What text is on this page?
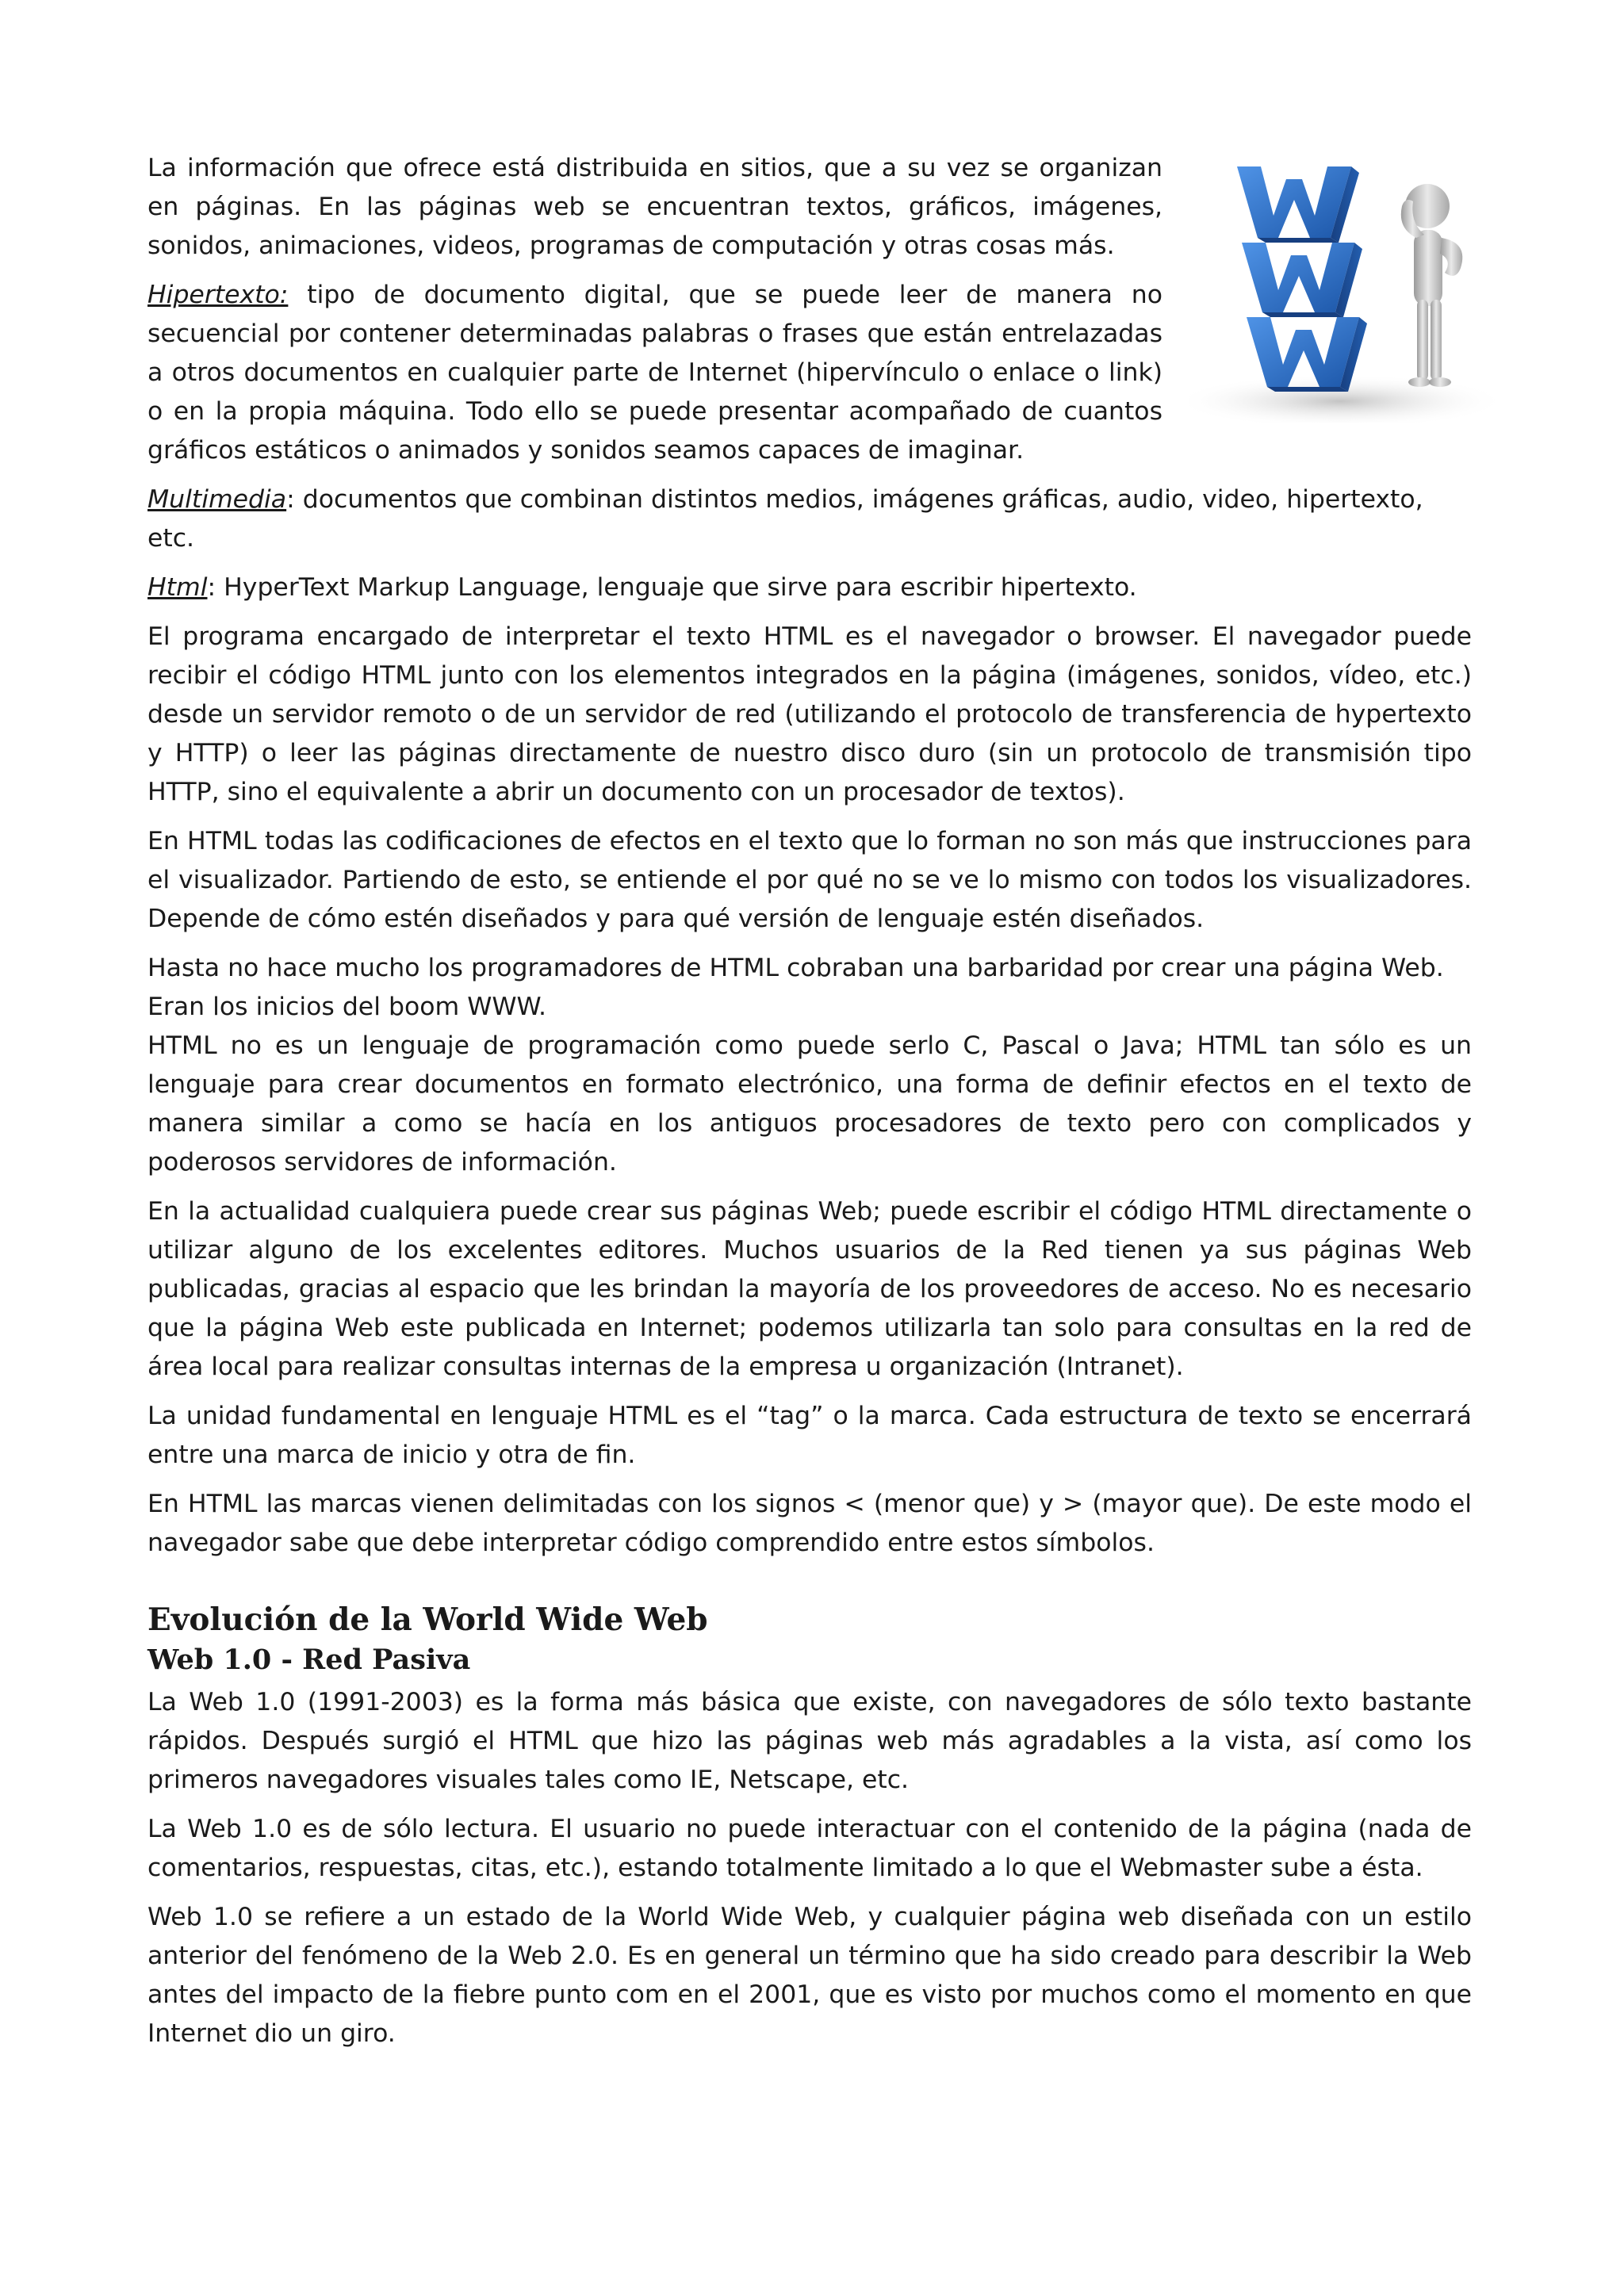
La información que ofrece está distribuida en sitios, que a su vez se organizan en páginas. En las páginas web se encuentran textos, gráficos, imágenes, sonidos, animaciones, videos, programas de computación y otras cosas más.

Hipertexto: tipo de documento digital, que se puede leer de manera no secuencial por contener determinadas palabras o frases que están entrelazadas a otros documentos en cualquier parte de Internet (hipervínculo o enlace o link) o en la propia máquina. Todo ello se puede presentar acompañado de cuantos gráficos estáticos o animados y sonidos seamos capaces de imaginar.

Multimedia: documentos que combinan distintos medios, imágenes gráficas, audio, video, hipertexto, etc.

Html: HyperText Markup Language, lenguaje que sirve para escribir hipertexto.

El programa encargado de interpretar el texto HTML es el navegador o browser. El navegador puede recibir el código HTML junto con los elementos integrados en la página (imágenes, sonidos, vídeo, etc.) desde un servidor remoto o de un servidor de red (utilizando el protocolo de transferencia de hypertexto y HTTP) o leer las páginas directamente de nuestro disco duro (sin un protocolo de transmisión tipo HTTP, sino el equivalente a abrir un documento con un procesador de textos).

En HTML todas las codificaciones de efectos en el texto que lo forman no son más que instrucciones para el visualizador. Partiendo de esto, se entiende el por qué no se ve lo mismo con todos los visualizadores. Depende de cómo estén diseñados y para qué versión de lenguaje estén diseñados.

Hasta no hace mucho los programadores de HTML cobraban una barbaridad por crear una página Web. Eran los inicios del boom WWW.

HTML no es un lenguaje de programación como puede serlo C, Pascal o Java; HTML tan sólo es un lenguaje para crear documentos en formato electrónico, una forma de definir efectos en el texto de manera similar a como se hacía en los antiguos procesadores de texto pero con complicados y poderosos servidores de información.

En la actualidad cualquiera puede crear sus páginas Web; puede escribir el código HTML directamente o utilizar alguno de los excelentes editores. Muchos usuarios de la Red tienen ya sus páginas Web publicadas, gracias al espacio que les brindan la mayoría de los proveedores de acceso. No es necesario que la página Web este publicada en Internet; podemos utilizarla tan solo para consultas en la red de área local para realizar consultas internas de la empresa u organización (Intranet).

La unidad fundamental en lenguaje HTML es el “tag” o la marca. Cada estructura de texto se encerrará entre una marca de inicio y otra de fin.

En HTML las marcas vienen delimitadas con los signos < (menor que) y > (mayor que). De este modo el navegador sabe que debe interpretar código comprendido entre estos símbolos.

Evolución de la World Wide Web
Web 1.0 - Red Pasiva

La Web 1.0 (1991-2003) es la forma más básica que existe, con navegadores de sólo texto bastante rápidos. Después surgió el HTML que hizo las páginas web más agradables a la vista, así como los primeros navegadores visuales tales como IE, Netscape, etc.

La Web 1.0 es de sólo lectura. El usuario no puede interactuar con el contenido de la página (nada de comentarios, respuestas, citas, etc.), estando totalmente limitado a lo que el Webmaster sube a ésta.

Web 1.0 se refiere a un estado de la World Wide Web, y cualquier página web diseñada con un estilo anterior del fenómeno de la Web 2.0. Es en general un término que ha sido creado para describir la Web antes del impacto de la fiebre punto com en el 2001, que es visto por muchos como el momento en que Internet dio un giro.
